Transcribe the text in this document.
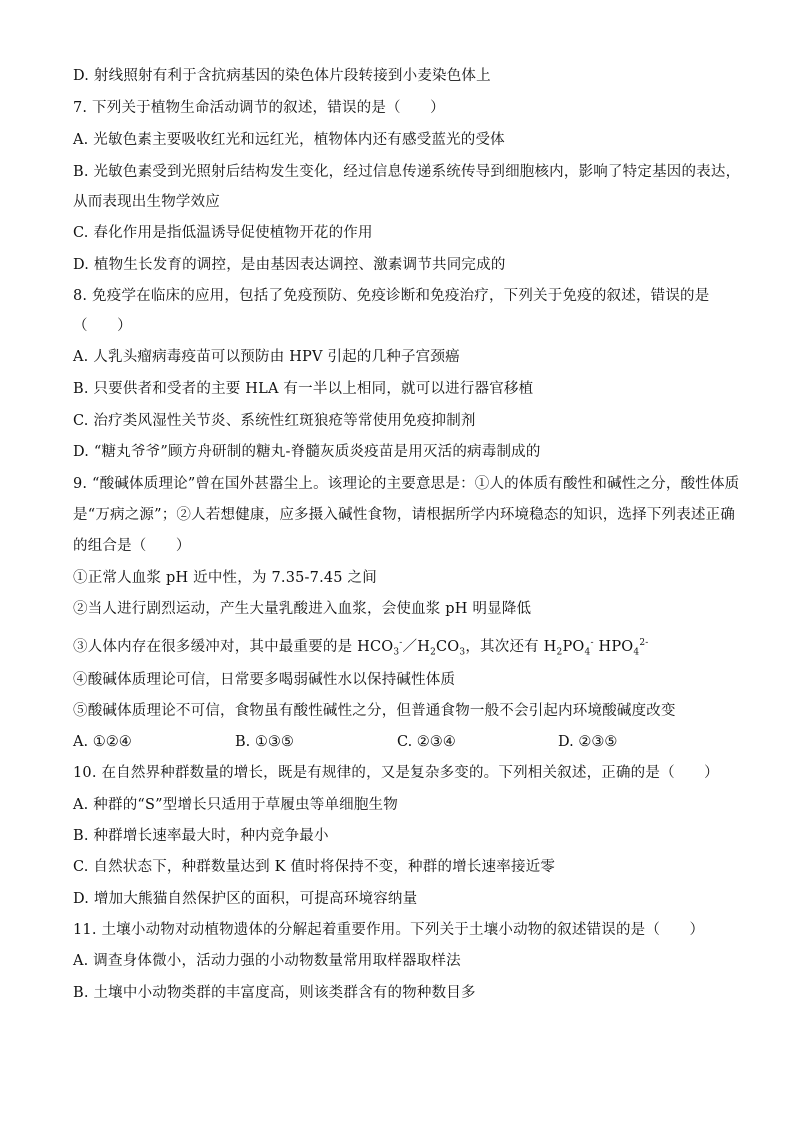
D. 射线照射有利于含抗病基因的染色体片段转接到小麦染色体上
7. 下列关于植物生命活动调节的叙述，错误的是（　　）
A. 光敏色素主要吸收红光和远红光，植物体内还有感受蓝光的受体
B. 光敏色素受到光照射后结构发生变化，经过信息传递系统传导到细胞核内，影响了特定基因的表达，
从而表现出生物学效应
C. 春化作用是指低温诱导促使植物开花的作用
D. 植物生长发育的调控，是由基因表达调控、激素调节共同完成的
8. 免疫学在临床的应用，包括了免疫预防、免疫诊断和免疫治疗，下列关于免疫的叙述，错误的是
（　　）
A. 人乳头瘤病毒疫苗可以预防由 HPV 引起的几种子宫颈癌
B. 只要供者和受者的主要 HLA 有一半以上相同，就可以进行器官移植
C. 治疗类风湿性关节炎、系统性红斑狼疮等常使用免疫抑制剂
D. “糖丸爷爷”顾方舟研制的糖丸-脊髓灰质炎疫苗是用灭活的病毒制成的
9. “酸碱体质理论”曾在国外甚嚣尘上。该理论的主要意思是：①人的体质有酸性和碱性之分，酸性体质
是“万病之源”；②人若想健康，应多摄入碱性食物，请根据所学内环境稳态的知识，选择下列表述正确
的组合是（　　）
①正常人血浆 pH 近中性，为 7.35-7.45 之间
②当人进行剧烈运动，产生大量乳酸进入血浆，会使血浆 pH 明显降低
③人体内存在很多缓冲对，其中最重要的是 $HCO_3^-/H_2CO_3$，其次还有 $H_2PO_4^-$ $HPO_4^{2-}$
④酸碱体质理论可信，日常要多喝弱碱性水以保持碱性体质
⑤酸碱体质理论不可信，食物虽有酸性碱性之分，但普通食物一般不会引起内环境酸碱度改变
A. ①②④	B. ①③⑤	C. ②③④	D. ②③⑤
10. 在自然界种群数量的增长，既是有规律的，又是复杂多变的。下列相关叙述，正确的是（　　）
A. 种群的“S”型增长只适用于草履虫等单细胞生物
B. 种群增长速率最大时，种内竞争最小
C. 自然状态下，种群数量达到 K 值时将保持不变，种群的增长速率接近零
D. 增加大熊猫自然保护区的面积，可提高环境容纳量
11. 土壤小动物对动植物遗体的分解起着重要作用。下列关于土壤小动物的叙述错误的是（　　）
A. 调查身体微小，活动力强的小动物数量常用取样器取样法
B. 土壤中小动物类群的丰富度高，则该类群含有的物种数目多
